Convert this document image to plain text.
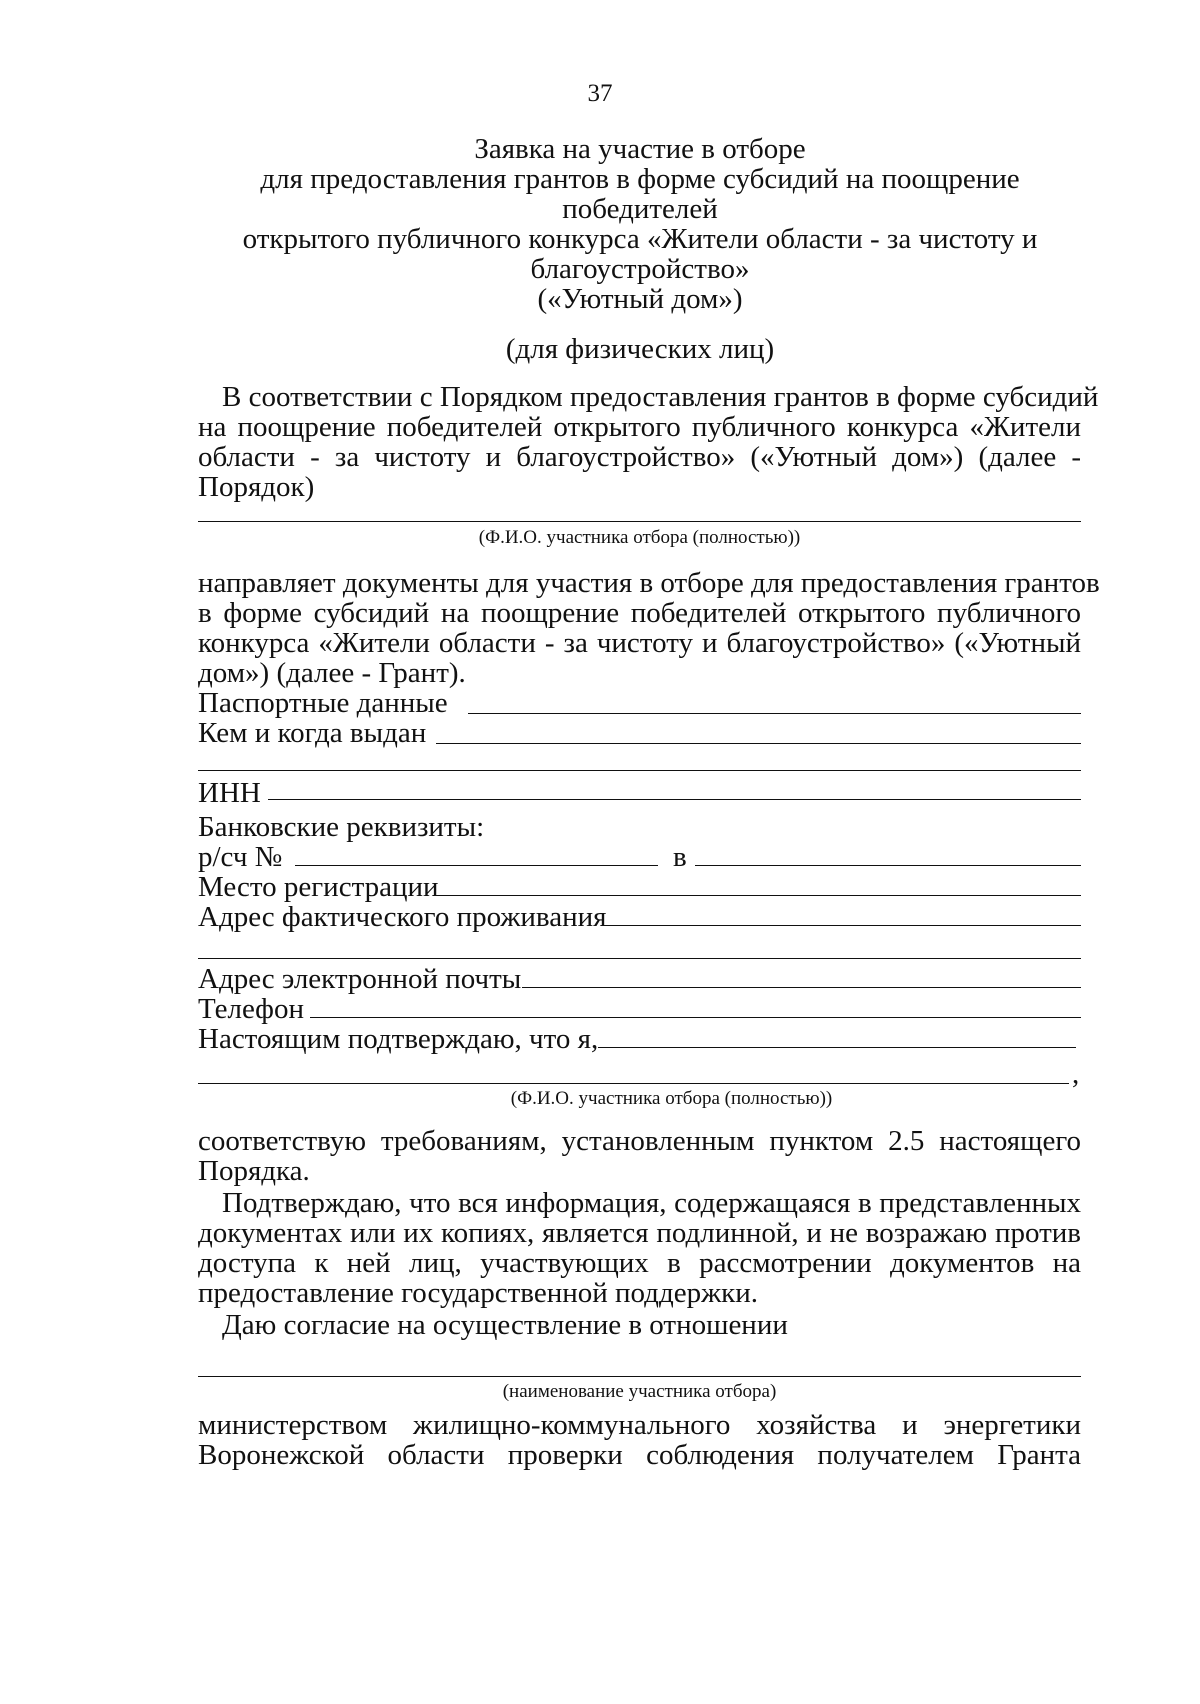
37
Заявка на участие в отборе
для предоставления грантов в форме субсидий на поощрение
победителей
открытого публичного конкурса «Жители области - за чистоту и
благоустройство»
(«Уютный дом»)
(для физических лиц)
В соответствии с Порядком предоставления грантов в форме субсидий
на поощрение победителей открытого публичного конкурса «Жители
области - за чистоту и благоустройство» («Уютный дом») (далее -
Порядок)
(Ф.И.О. участника отбора (полностью))
направляет документы для участия в отборе для предоставления грантов
в форме субсидий на поощрение победителей открытого публичного
конкурса «Жители области - за чистоту и благоустройство» («Уютный
дом») (далее - Грант).
Паспортные данные
Кем и когда выдан
ИНН
Банковские реквизиты:
р/сч №	в
Место регистрации
Адрес фактического проживания
Адрес электронной почты
Телефон
Настоящим подтверждаю, что я,
,
(Ф.И.О. участника отбора (полностью))
соответствую требованиям, установленным пунктом 2.5 настоящего
Порядка.
Подтверждаю, что вся информация, содержащаяся в представленных
документах или их копиях, является подлинной, и не возражаю против
доступа к ней лиц, участвующих в рассмотрении документов на
предоставление государственной поддержки.
Даю согласие на осуществление в отношении
(наименование участника отбора)
министерством жилищно-коммунального хозяйства и энергетики
Воронежской области проверки соблюдения получателем Гранта
